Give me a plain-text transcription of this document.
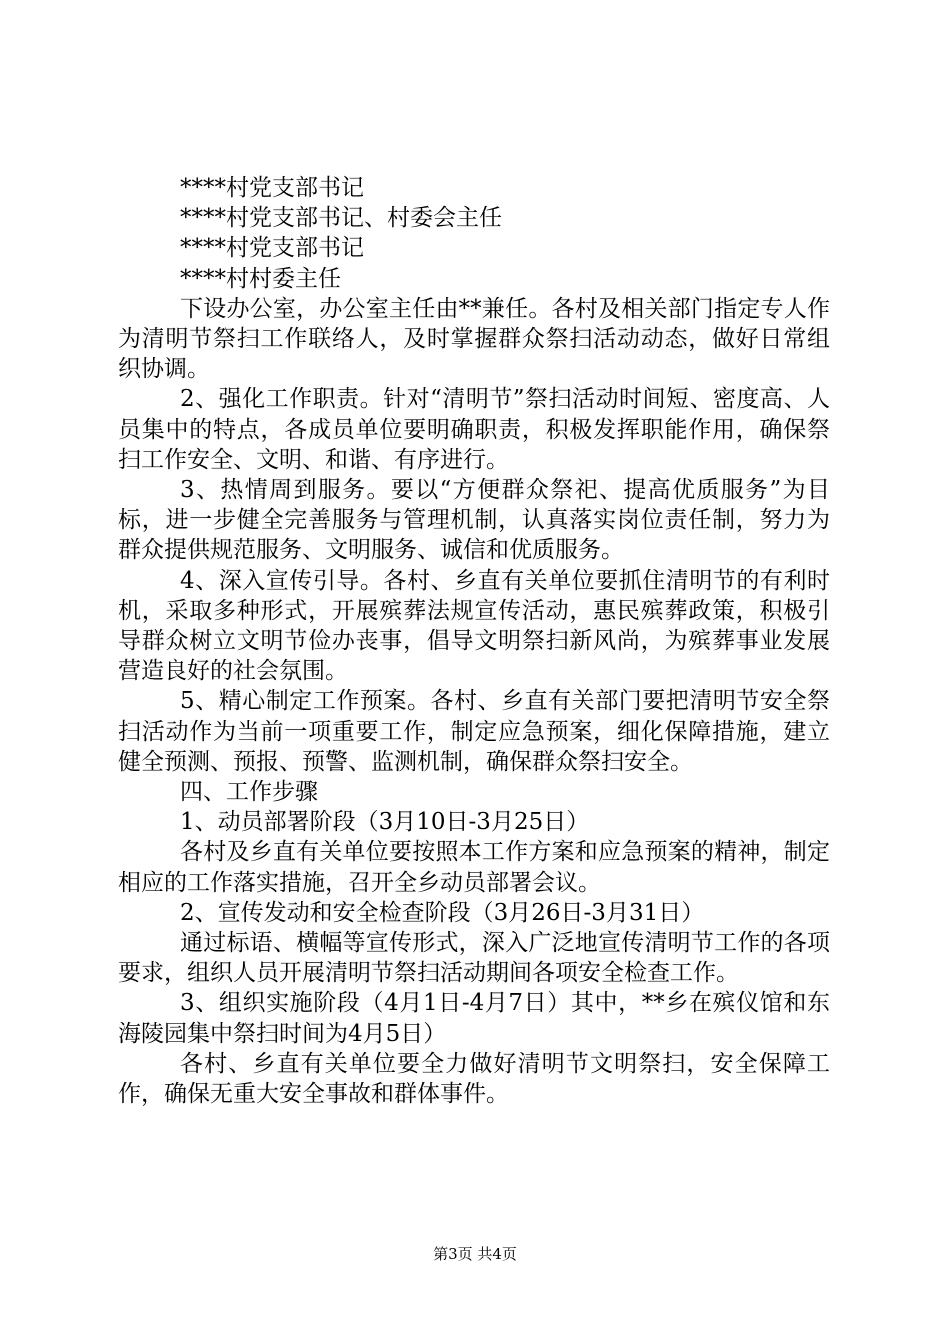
****村党支部书记

****村党支部书记、村委会主任

****村党支部书记

****村村委主任

下设办公室，办公室主任由**兼任。各村及相关部门指定专人作为清明节祭扫工作联络人，及时掌握群众祭扫活动动态，做好日常组织协调。

2、强化工作职责。针对“清明节”祭扫活动时间短、密度高、人员集中的特点，各成员单位要明确职责，积极发挥职能作用，确保祭扫工作安全、文明、和谐、有序进行。

3、热情周到服务。要以“方便群众祭祀、提高优质服务”为目标，进一步健全完善服务与管理机制，认真落实岗位责任制，努力为群众提供规范服务、文明服务、诚信和优质服务。

4、深入宣传引导。各村、乡直有关单位要抓住清明节的有利时机，采取多种形式，开展殡葬法规宣传活动，惠民殡葬政策，积极引导群众树立文明节俭办丧事，倡导文明祭扫新风尚，为殡葬事业发展营造良好的社会氛围。

5、精心制定工作预案。各村、乡直有关部门要把清明节安全祭扫活动作为当前一项重要工作，制定应急预案，细化保障措施，建立健全预测、预报、预警、监测机制，确保群众祭扫安全。

四、工作步骤

1、动员部署阶段（3月10日-3月25日）

各村及乡直有关单位要按照本工作方案和应急预案的精神，制定相应的工作落实措施，召开全乡动员部署会议。

2、宣传发动和安全检查阶段（3月26日-3月31日）

通过标语、横幅等宣传形式，深入广泛地宣传清明节工作的各项要求，组织人员开展清明节祭扫活动期间各项安全检查工作。

3、组织实施阶段（4月1日-4月7日）其中，**乡在殡仪馆和东海陵园集中祭扫时间为4月5日）

各村、乡直有关单位要全力做好清明节文明祭扫，安全保障工作，确保无重大安全事故和群体事件。

第3页 共4页
